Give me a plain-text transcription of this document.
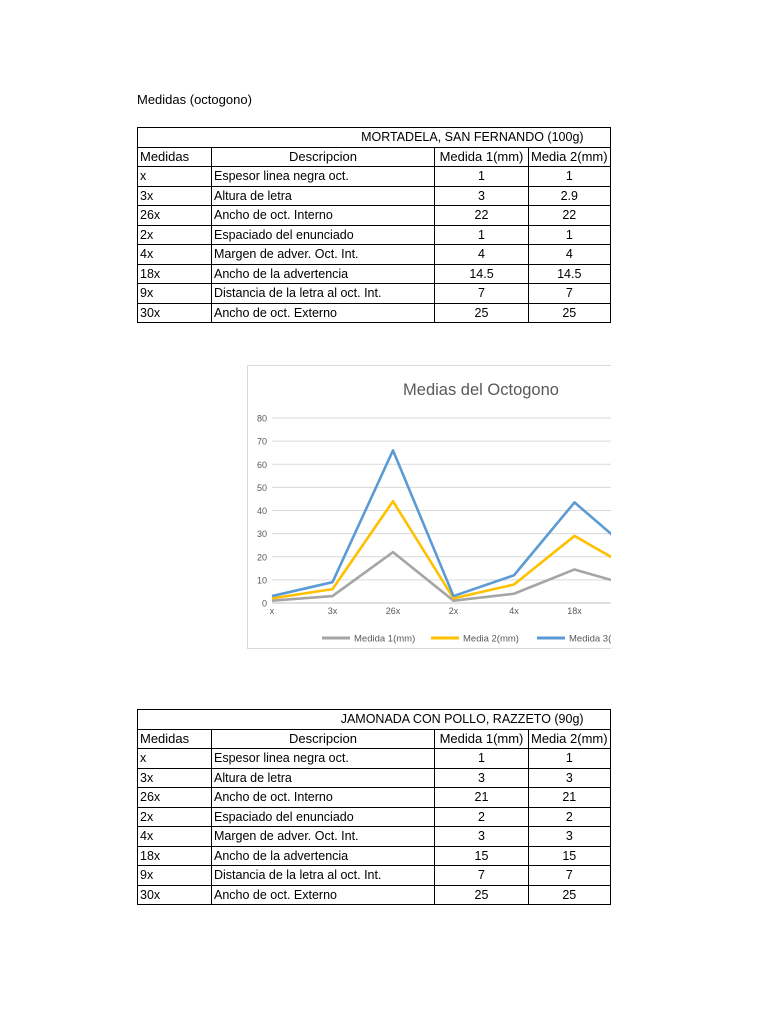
Medidas (octogono)
MORTADELA, SAN FERNANDO (100g)			
Medidas	Descripcion	Medida 1(mm)	Media 2(mm)
x	Espesor linea negra oct.	1	1
3x	Altura de letra	3	2.9
26x	Ancho de oct. Interno	22	22
2x	Espaciado del enunciado	1	1
4x	Margen de adver. Oct. Int.	4	4
18x	Ancho de la advertencia	14.5	14.5
9x	Distancia de la letra al oct. Int.	7	7
30x	Ancho de oct. Externo	25	25
Medias del Octogono
0
10
20
30
40
50
60
70
80
x	3x	26x	2x	4x	18x
Medida 1(mm)	Media 2(mm)	Medida 3(
JAMONADA CON POLLO, RAZZETO (90g)			
Medidas	Descripcion	Medida 1(mm)	Media 2(mm)
x	Espesor linea negra oct.	1	1
3x	Altura de letra	3	3
26x	Ancho de oct. Interno	21	21
2x	Espaciado del enunciado	2	2
4x	Margen de adver. Oct. Int.	3	3
18x	Ancho de la advertencia	15	15
9x	Distancia de la letra al oct. Int.	7	7
30x	Ancho de oct. Externo	25	25
